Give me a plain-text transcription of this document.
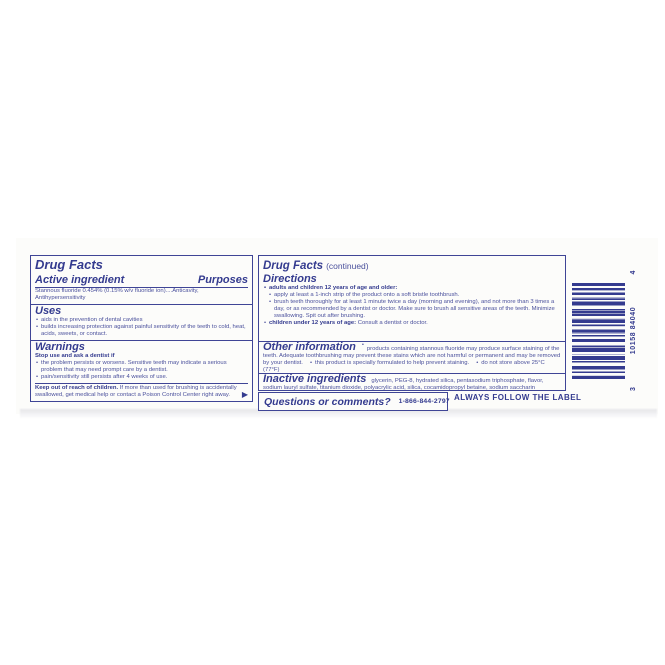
Drug Facts
Active ingredient	Purposes
Stannous fluoride 0.454% (0.15% w/v fluoride ion)....Anticavity, Antihypersensitivity
Uses
• aids in the prevention of dental cavities
• builds increasing protection against painful sensitivity of the teeth to cold, heat, acids, sweets, or contact.
Warnings
Stop use and ask a dentist if
• the problem persists or worsens. Sensitive teeth may indicate a serious problem that may need prompt care by a dentist.
• pain/sensitivity still persists after 4 weeks of use.
Keep out of reach of children. If more than used for brushing is accidentally swallowed, get medical help or contact a Poison Control Center right away.	▶
Drug Facts (continued)
Directions
• adults and children 12 years of age and older:
• apply at least a 1-inch strip of the product onto a soft bristle toothbrush.
• brush teeth thoroughly for at least 1 minute twice a day (morning and evening), and not more than 3 times a day, or as recommended by a dentist or doctor. Make sure to brush all sensitive areas of the teeth. Minimize swallowing. Spit out after brushing.
• children under 12 years of age: Consult a dentist or doctor.
Other information • products containing stannous fluoride may produce surface staining of the teeth. Adequate toothbrushing may prevent these stains which are not harmful or permanent and may be removed by your dentist. • this product is specially formulated to help prevent staining. • do not store above 25°C (77°F)
Inactive ingredients glycerin, PEG-8, hydrated silica, pentasodium triphosphate, flavor, sodium lauryl sulfate, titanium dioxide, polyacrylic acid, silica, cocamidopropyl betaine, sodium saccharin
Questions or comments? 1-866-844-2797 ALWAYS FOLLOW THE LABEL
3
10158 84040
4
